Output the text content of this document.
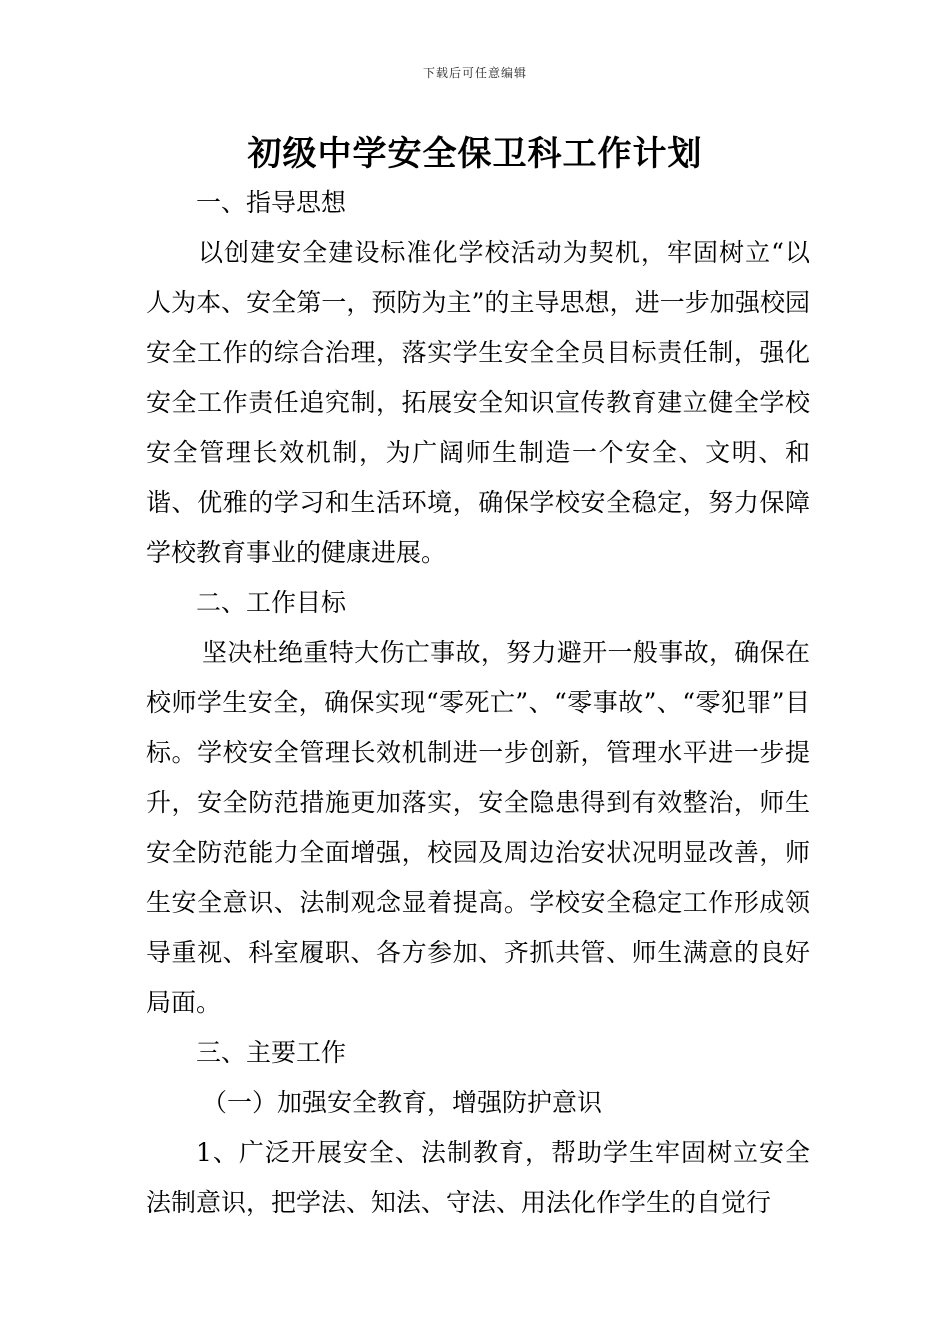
下载后可任意编辑
初级中学安全保卫科工作计划
一、指导思想

以创建安全建设标准化学校活动为契机，牢固树立“以人为本、安全第一，预防为主”的主导思想，进一步加强校园安全工作的综合治理，落实学生安全全员目标责任制，强化安全工作责任追究制，拓展安全知识宣传教育建立健全学校安全管理长效机制，为广阔师生制造一个安全、文明、和谐、优雅的学习和生活环境，确保学校安全稳定，努力保障学校教育事业的健康进展。

二、工作目标

坚决杜绝重特大伤亡事故，努力避开一般事故，确保在校师学生安全，确保实现“零死亡”、“零事故”、“零犯罪”目标。学校安全管理长效机制进一步创新，管理水平进一步提升，安全防范措施更加落实，安全隐患得到有效整治，师生安全防范能力全面增强，校园及周边治安状况明显改善，师生安全意识、法制观念显着提高。学校安全稳定工作形成领导重视、科室履职、各方参加、齐抓共管、师生满意的良好局面。

三、主要工作
（一）加强安全教育，增强防护意识

1、广泛开展安全、法制教育，帮助学生牢固树立安全法制意识，把学法、知法、守法、用法化作学生的自觉行
